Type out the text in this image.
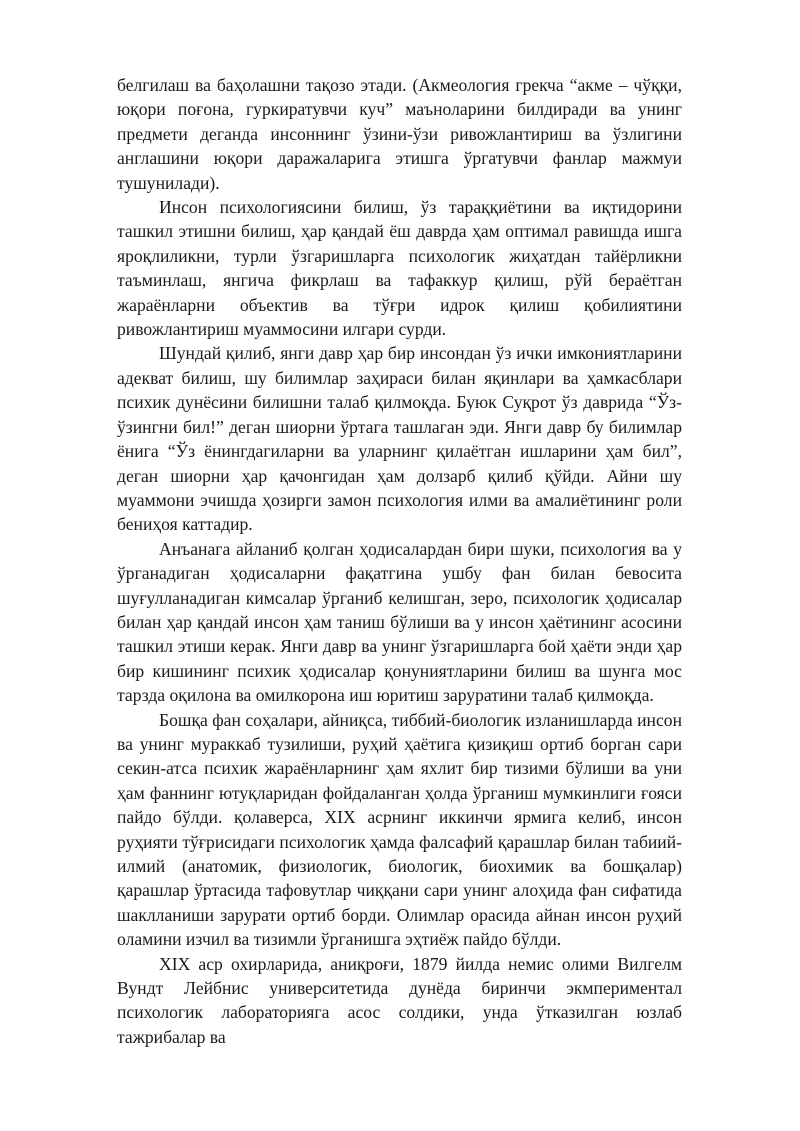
белгилаш ва баҳолашни тақозо этади. (Акмеология грекча “акме – чўққи, юқори поғона, гуркиратувчи куч” маъноларини билдиради ва унинг предмети деганда инсоннинг ўзини-ўзи ривожлантириш ва ўзлигини англашини юқори даражаларига этишга ўргатувчи фанлар мажмуи тушунилади).

Инсон психологиясини билиш, ўз тараққиётини ва иқтидорини ташкил этишни билиш, ҳар қандай ёш даврда ҳам оптимал равишда ишга яроқлиликни, турли ўзгаришларга психологик жиҳатдан тайёрликни таъминлаш, янгича фикрлаш ва тафаккур қилиш, рўй бераётган жараёнларни объектив ва тўғри идрок қилиш қобилиятини ривожлантириш муаммосини илгари сурди.

Шундай қилиб, янги давр ҳар бир инсондан ўз ички имкониятларини адекват билиш, шу билимлар заҳираси билан яқинлари ва ҳамкасблари психик дунёсини билишни талаб қилмоқда. Буюк Суқрот ўз даврида “Ўз-ўзингни бил!” деган шиорни ўртага ташлаган эди. Янги давр бу билимлар ёнига “Ўз ёнингдагиларни ва уларнинг қилаётган ишларини ҳам бил”, деган шиорни ҳар қачонгидан ҳам долзарб қилиб қўйди. Айни шу муаммони эчишда ҳозирги замон психология илми ва амалиётининг роли бениҳоя каттадир.

Анъанага айланиб қолган ҳодисалардан бири шуки, психология ва у ўрганадиган ҳодисаларни фақатгина ушбу фан билан бевосита шуғулланадиган кимсалар ўрганиб келишган, зеро, психологик ҳодисалар билан ҳар қандай инсон ҳам таниш бўлиши ва у инсон ҳаётининг асосини ташкил этиши керак. Янги давр ва унинг ўзгаришларга бой ҳаёти энди ҳар бир кишининг психик ҳодисалар қонуниятларини билиш ва шунга мос тарзда оқилона ва омилкорона иш юритиш заруратини талаб қилмоқда.

Бошқа фан соҳалари, айниқса, тиббий-биологик изланишларда инсон ва унинг мураккаб тузилиши, руҳий ҳаётига қизиқиш ортиб борган сари секин-атса психик жараёнларнинг ҳам яхлит бир тизими бўлиши ва уни ҳам фаннинг ютуқларидан фойдаланган ҳолда ўрганиш мумкинлиги ғояси пайдо бўлди. қолаверса, XIX асрнинг иккинчи ярмига келиб, инсон руҳияти тўғрисидаги психологик ҳамда фалсафий қарашлар билан табиий-илмий (анатомик, физиологик, биологик, биохимик ва бошқалар) қарашлар ўртасида тафовутлар чиққани сари унинг алоҳида фан сифатида шаклланиши зарурати ортиб борди. Олимлар орасида айнан инсон руҳий оламини изчил ва тизимли ўрганишга эҳтиёж пайдо бўлди.

XIX аср охирларида, аниқроғи, 1879 йилда немис олими Вилгелм Вундт Лейбнис университетида дунёда биринчи экмпериментал психологик лабораторияга асос солдики, унда ўтказилган юзлаб тажрибалар ва
